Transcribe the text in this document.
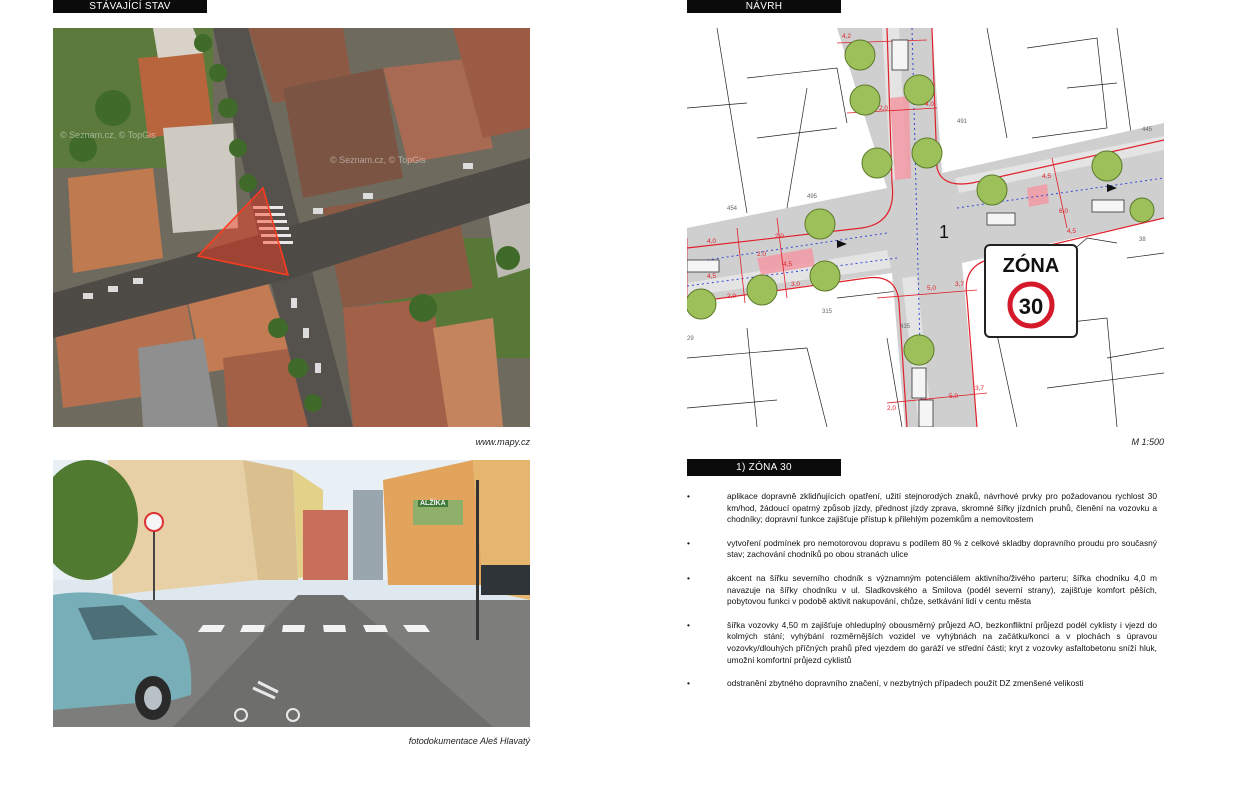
STÁVAJÍCÍ STAV	NÁVRH
© Seznam.cz, © TopGis
© Seznam.cz, © TopGis
www.mapy.cz
ALŽÍKA
fotodokumentace Aleš Hlavatý
1
4,2
2,0
4,0
4,0
4,5
2,0
5,0
3,7
2,0
5,0
3,7
4,5
2,0
4,5
3,0
2,0
6,0
4,5
454
495
491
445
435
315
38
29
ZÓNA
30
M 1:500
1) ZÓNA 30
•	aplikace dopravně zklidňujících opatření, užití stejnorodých znaků, návrhové prvky pro požadovanou rychlost 30 km/hod, žádoucí opatrný způsob jízdy, přednost jízdy zprava, skromné šířky jízdních pruhů, členění na vozovku a chodníky; dopravní funkce zajišťuje přístup k přilehlým pozemkům a nemovitostem
•	vytvoření podmínek pro nemotorovou dopravu s podílem 80 % z celkové skladby dopravního proudu pro současný stav; zachování chodníků po obou stranách ulice
•	akcent na šířku severního chodník s významným potenciálem aktivního/živého parteru; šířka chodníku 4,0 m navazuje na šířky chodníku v ul. Sladkovského a Smilova (podél severní strany), zajišťuje komfort pěších, pobytovou funkci v podobě aktivit nakupování, chůze, setkávání lidí v centu města
•	šířka vozovky 4,50 m zajišťuje ohleduplný obousměrný průjezd AO, bezkonfliktní průjezd podél cyklisty i vjezd do kolmých stání; vyhýbání rozměrnějších vozidel ve vyhýbnách na začátku/konci a v plochách s úpravou vozovky/dlouhých příčných prahů před vjezdem do garáží ve střední části; kryt z vozovky asfaltobetonu sníží hluk, umožní komfortní průjezd cyklistů
•	odstranění zbytného dopravního značení, v nezbytných případech použít DZ zmenšené velikosti
